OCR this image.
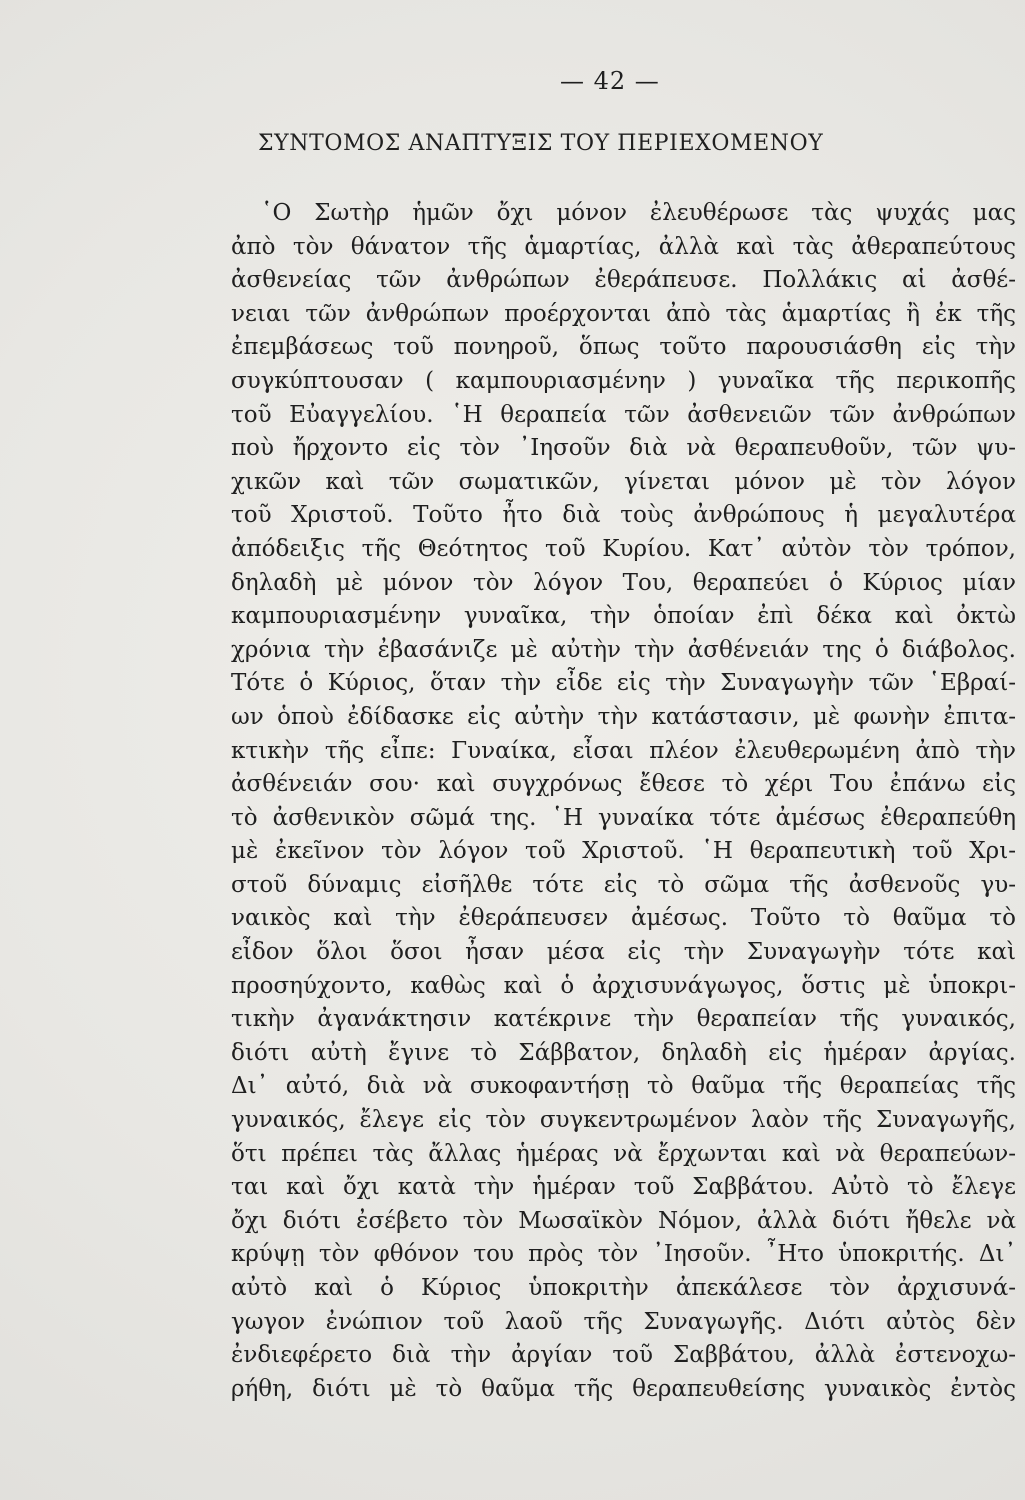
— 42 —
ΣΥΝΤΟΜΟΣ ΑΝΑΠΤΥΞΙΣ ΤΟΥ ΠΕΡΙΕΧΟΜΕΝΟΥ
῾Ο Σωτὴρ ἡμῶν ὄχι μόνον ἐλευθέρωσε τὰς ψυχάς μας
ἀπὸ τὸν θάνατον τῆς ἁμαρτίας, ἀλλὰ καὶ τὰς ἀθεραπεύτους
ἀσθενείας τῶν ἀνθρώπων ἐθεράπευσε. Πολλάκις αἱ ἀσθέ-
νειαι τῶν ἀνθρώπων προέρχονται ἀπὸ τὰς ἁμαρτίας ἢ ἐκ τῆς
ἐπεμβάσεως τοῦ πονηροῦ, ὅπως τοῦτο παρουσιάσθη εἰς τὴν
συγκύπτουσαν ( καμπουριασμένην ) γυναῖκα τῆς περικοπῆς
τοῦ Εὐαγγελίου. ῾Η θεραπεία τῶν ἀσθενειῶν τῶν ἀνθρώπων
ποὺ ἤρχοντο εἰς τὸν ᾿Ιησοῦν διὰ νὰ θεραπευθοῦν, τῶν ψυ-
χικῶν καὶ τῶν σωματικῶν, γίνεται μόνον μὲ τὸν λόγον
τοῦ Χριστοῦ. Τοῦτο ἦτο διὰ τοὺς ἀνθρώπους ἡ μεγαλυτέρα
ἀπόδειξις τῆς Θεότητος τοῦ Κυρίου. Κατ᾿ αὐτὸν τὸν τρόπον,
δηλαδὴ μὲ μόνον τὸν λόγον Του, θεραπεύει ὁ Κύριος μίαν
καμπουριασμένην γυναῖκα, τὴν ὁποίαν ἐπὶ δέκα καὶ ὀκτὼ
χρόνια τὴν ἐβασάνιζε μὲ αὐτὴν τὴν ἀσθένειάν της ὁ διάβολος.
Τότε ὁ Κύριος, ὅταν τὴν εἶδε εἰς τὴν Συναγωγὴν τῶν ῾Εβραί-
ων ὁποὺ ἐδίδασκε εἰς αὐτὴν τὴν κατάστασιν, μὲ φωνὴν ἐπιτα-
κτικὴν τῆς εἶπε: Γυναίκα, εἶσαι πλέον ἐλευθερωμένη ἀπὸ τὴν
ἀσθένειάν σου· καὶ συγχρόνως ἔθεσε τὸ χέρι Του ἐπάνω εἰς
τὸ ἀσθενικὸν σῶμά της. ῾Η γυναίκα τότε ἀμέσως ἐθεραπεύθη
μὲ ἐκεῖνον τὸν λόγον τοῦ Χριστοῦ. ῾Η θεραπευτικὴ τοῦ Χρι-
στοῦ δύναμις εἰσῆλθε τότε εἰς τὸ σῶμα τῆς ἀσθενοῦς γυ-
ναικὸς καὶ τὴν ἐθεράπευσεν ἀμέσως. Τοῦτο τὸ θαῦμα τὸ
εἶδον ὅλοι ὅσοι ἦσαν μέσα εἰς τὴν Συναγωγὴν τότε καὶ
προσηύχοντο, καθὼς καὶ ὁ ἀρχισυνάγωγος, ὅστις μὲ ὑποκρι-
τικὴν ἀγανάκτησιν κατέκρινε τὴν θεραπείαν τῆς γυναικός,
διότι αὐτὴ ἔγινε τὸ Σάββατον, δηλαδὴ εἰς ἡμέραν ἀργίας.
Δι᾿ αὐτό, διὰ νὰ συκοφαντήσῃ τὸ θαῦμα τῆς θεραπείας τῆς
γυναικός, ἔλεγε εἰς τὸν συγκεντρωμένον λαὸν τῆς Συναγωγῆς,
ὅτι πρέπει τὰς ἄλλας ἡμέρας νὰ ἔρχωνται καὶ νὰ θεραπεύων-
ται καὶ ὄχι κατὰ τὴν ἡμέραν τοῦ Σαββάτου. Αὐτὸ τὸ ἔλεγε
ὄχι διότι ἐσέβετο τὸν Μωσαϊκὸν Νόμον, ἀλλὰ διότι ἤθελε νὰ
κρύψῃ τὸν φθόνον του πρὸς τὸν ᾿Ιησοῦν. ῏Ητο ὑποκριτής. Δι᾿
αὐτὸ καὶ ὁ Κύριος ὑποκριτὴν ἀπεκάλεσε τὸν ἀρχισυνά-
γωγον ἐνώπιον τοῦ λαοῦ τῆς Συναγωγῆς. Διότι αὐτὸς δὲν
ἐνδιεφέρετο διὰ τὴν ἀργίαν τοῦ Σαββάτου, ἀλλὰ ἐστενοχω-
ρήθη, διότι μὲ τὸ θαῦμα τῆς θεραπευθείσης γυναικὸς ἐντὸς
